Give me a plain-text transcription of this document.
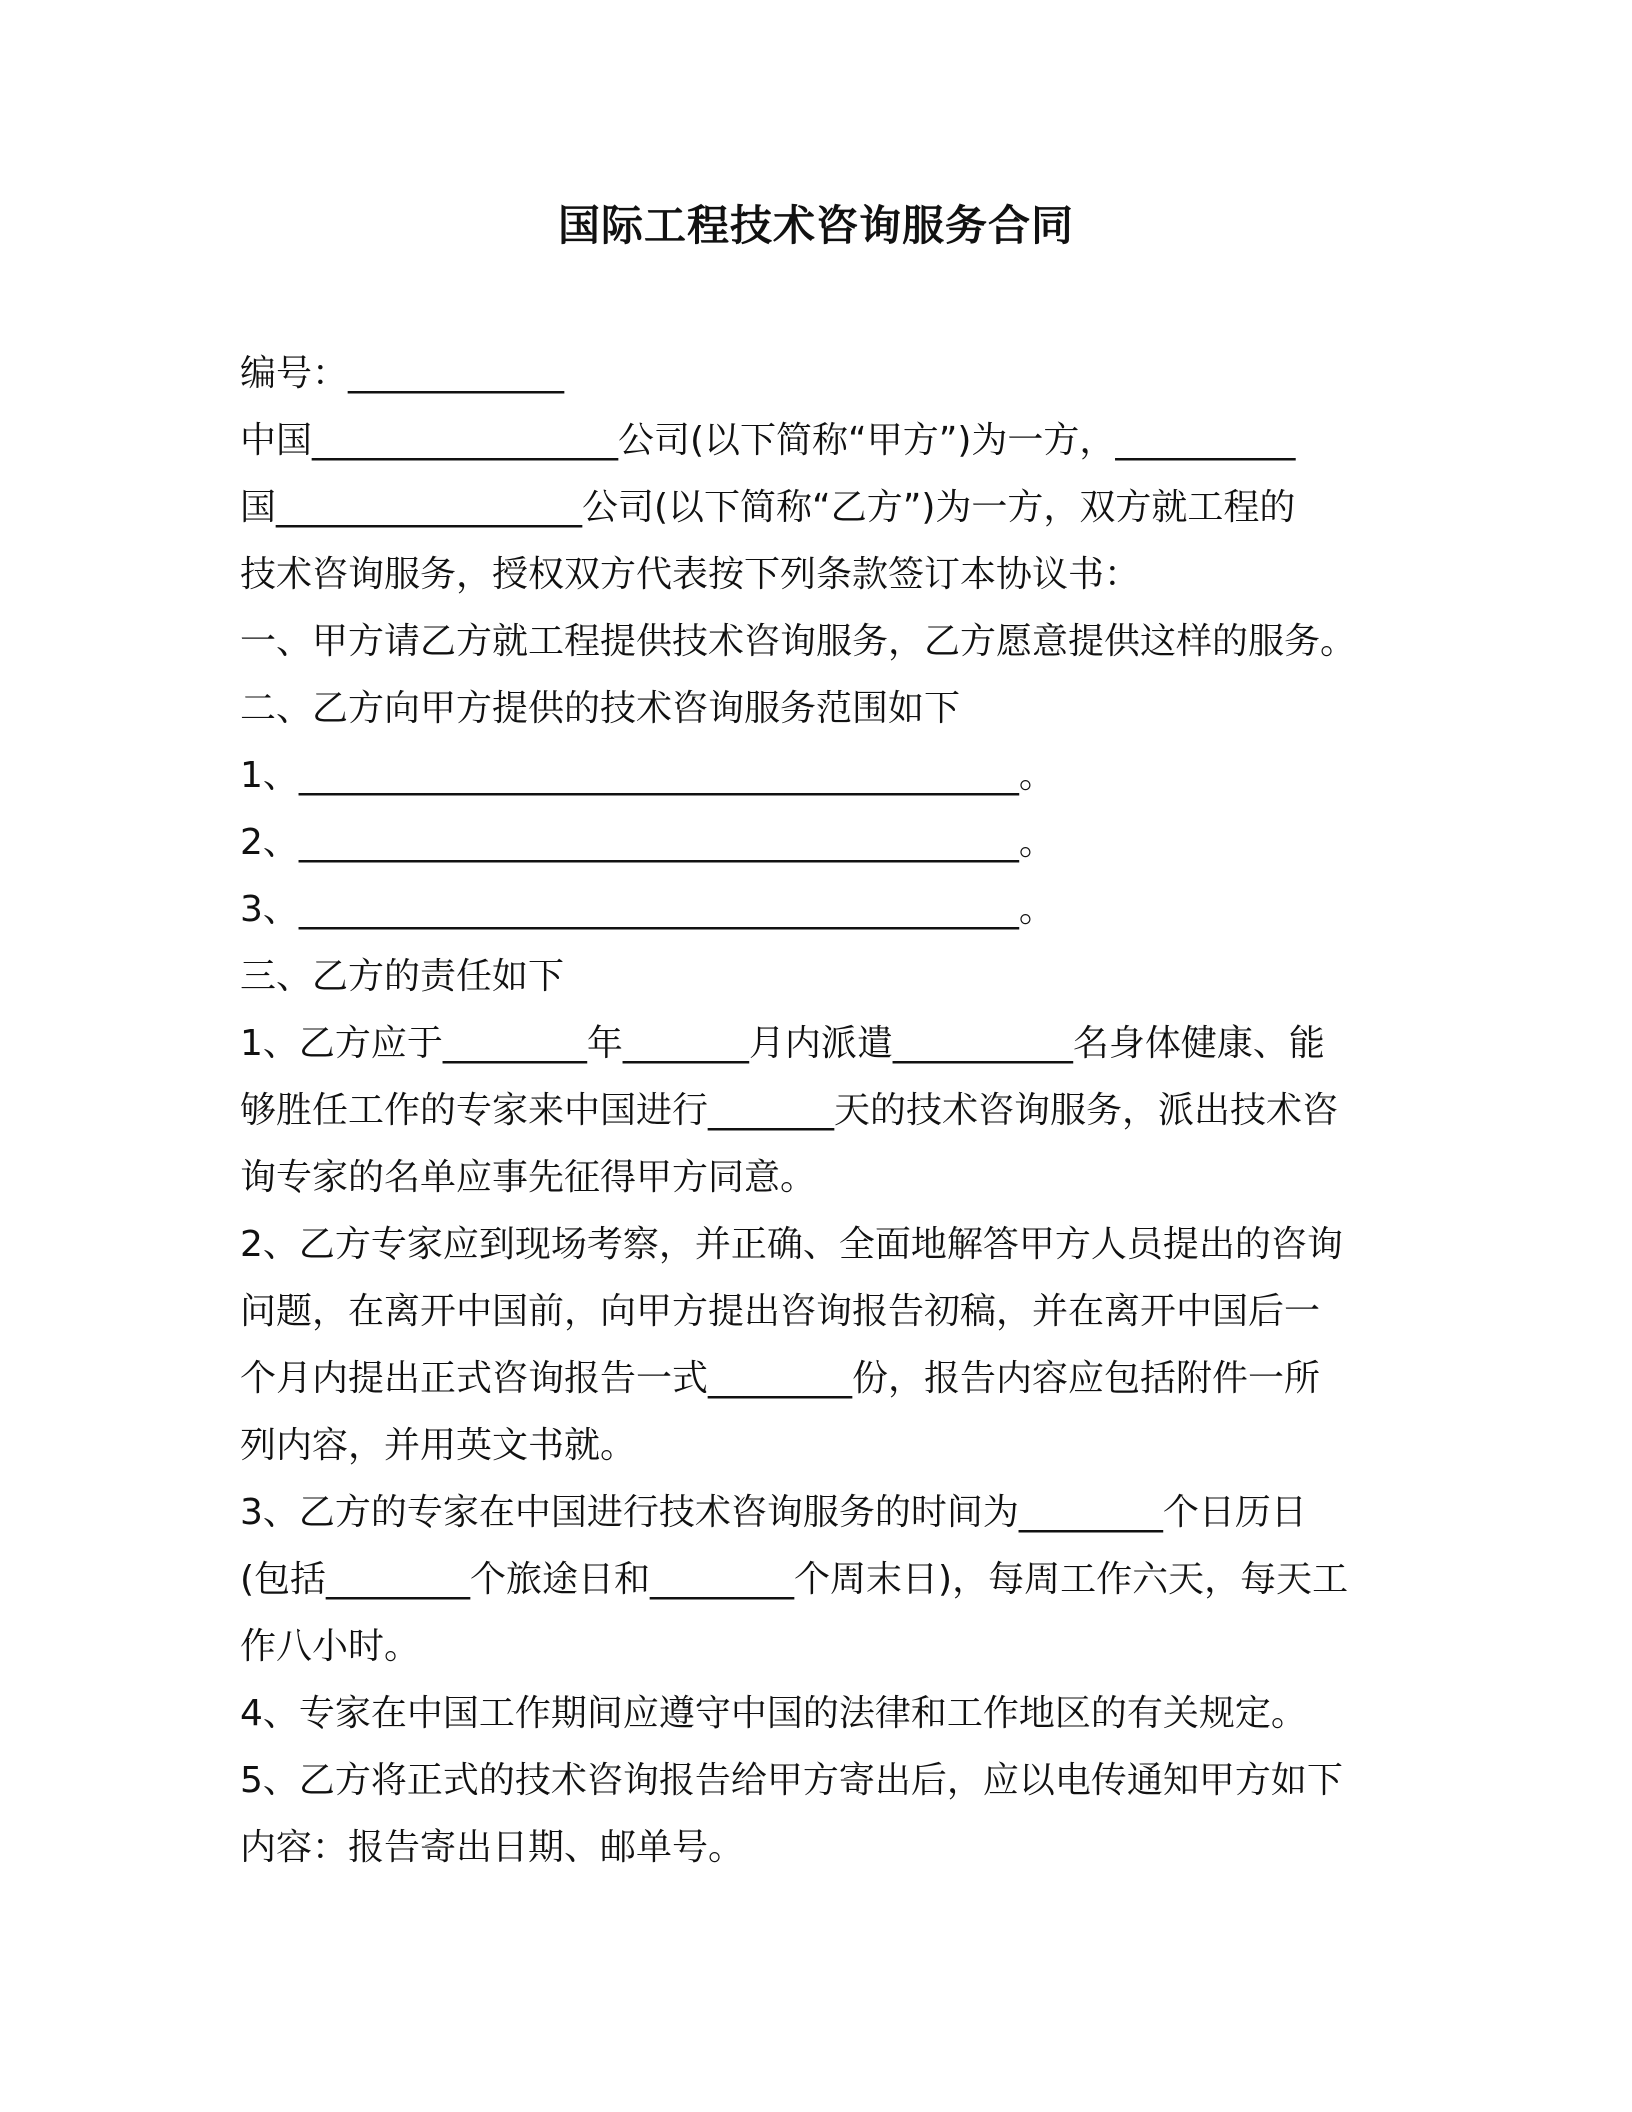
国际工程技术咨询服务合同
编号：____________
中国_________________公司(以下简称“甲方”)为一方，__________
国_________________公司(以下简称“乙方”)为一方，双方就工程的
技术咨询服务，授权双方代表按下列条款签订本协议书：
一、甲方请乙方就工程提供技术咨询服务，乙方愿意提供这样的服务。
二、乙方向甲方提供的技术咨询服务范围如下
1、________________________________________。
2、________________________________________。
3、________________________________________。
三、乙方的责任如下
1、乙方应于________年_______月内派遣__________名身体健康、能
够胜任工作的专家来中国进行_______天的技术咨询服务，派出技术咨
询专家的名单应事先征得甲方同意。
2、乙方专家应到现场考察，并正确、全面地解答甲方人员提出的咨询
问题，在离开中国前，向甲方提出咨询报告初稿，并在离开中国后一
个月内提出正式咨询报告一式________份，报告内容应包括附件一所
列内容，并用英文书就。
3、乙方的专家在中国进行技术咨询服务的时间为________个日历日
(包括________个旅途日和________个周末日)，每周工作六天，每天工
作八小时。
4、专家在中国工作期间应遵守中国的法律和工作地区的有关规定。
5、乙方将正式的技术咨询报告给甲方寄出后，应以电传通知甲方如下
内容：报告寄出日期、邮单号。
